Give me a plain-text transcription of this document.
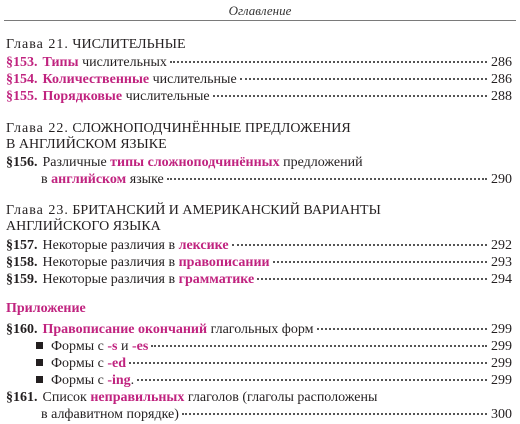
Оглавление
Глава 21. ЧИСЛИТЕЛЬНЫЕ
§153. Типы числительных	286
§154. Количественные числительные	286
§155. Порядковые числительные	288
Глава 22. СЛОЖНОПОДЧИНЁННЫЕ ПРЕДЛОЖЕНИЯ
В АНГЛИЙСКОМ ЯЗЫКЕ
§156. Различные типы сложноподчинённых предложений
в английском языке	290
Глава 23. БРИТАНСКИЙ И АМЕРИКАНСКИЙ ВАРИАНТЫ
АНГЛИЙСКОГО ЯЗЫКА
§157. Некоторые различия в лексике	292
§158. Некоторые различия в правописании	293
§159. Некоторые различия в грамматике	294
Приложение
§160. Правописание окончаний глагольных форм	299
Формы с -s и -es	299
Формы с -ed	299
Формы с -ing .	299
§161. Список неправильных глаголов (глаголы расположены
в алфавитном порядке)	300
